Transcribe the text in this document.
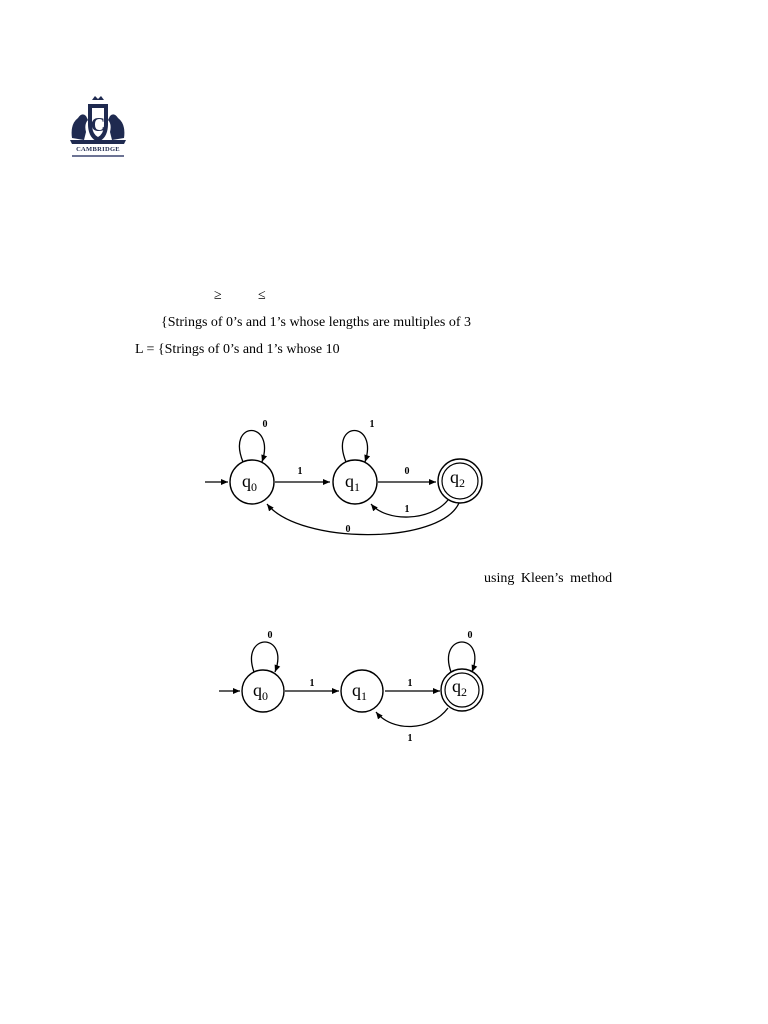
C
CAMBRIDGE
≥	≤
{Strings of 0’s and 1’s whose lengths are multiples of 3
L = {Strings of 0’s and 1’s whose 10
using Kleen’s method
0
1
1
0
1
0
$q_0$	$q_1$	$q_2$
0
1	1
0
1
$q_0$	$q_1$	$q_2$
